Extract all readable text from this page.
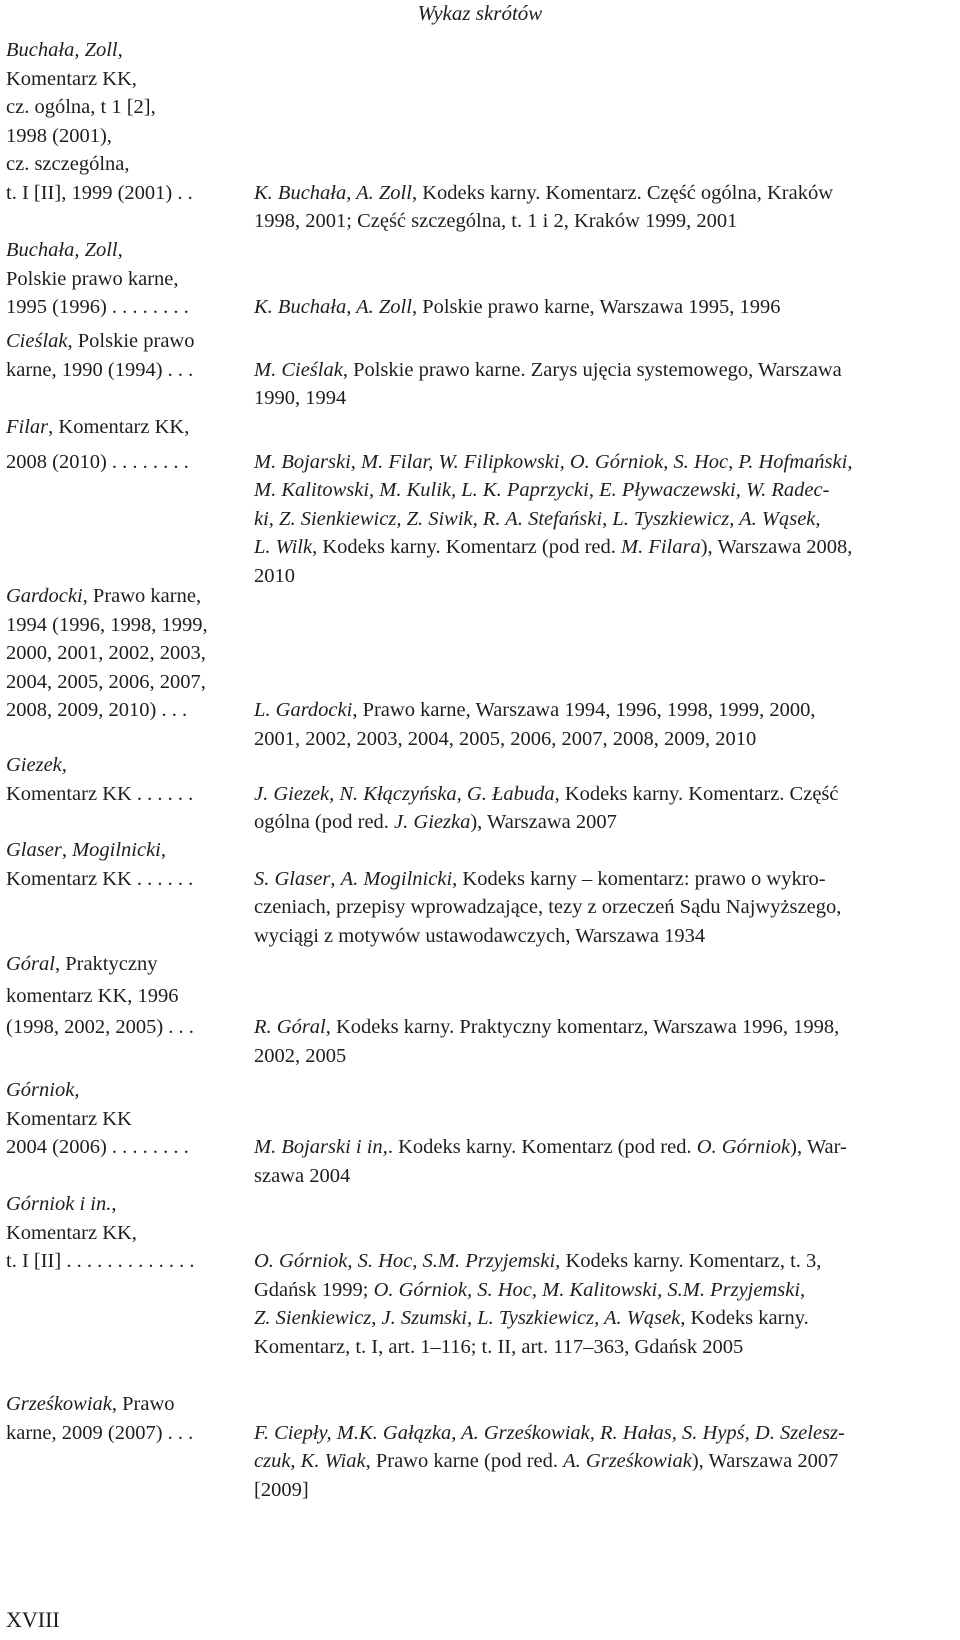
Wykaz skrótów
Buchała, Zoll,
Komentarz KK,
cz. ogólna, t 1 [2],
1998 (2001),
cz. szczególna,
t. I [II], 1999 (2001) . .	K. Buchała, A. Zoll, Kodeks karny. Komentarz. Część ogólna, Kraków
1998, 2001; Część szczególna, t. 1 i 2, Kraków 1999, 2001
Buchała, Zoll,
Polskie prawo karne,
1995 (1996) . . . . . . . .	K. Buchała, A. Zoll, Polskie prawo karne, Warszawa 1995, 1996
Cieślak, Polskie prawo
karne, 1990 (1994) . . .	M. Cieślak, Polskie prawo karne. Zarys ujęcia systemowego, Warszawa
1990, 1994
Filar, Komentarz KK,
2008 (2010) . . . . . . . .	M. Bojarski, M. Filar, W. Filipkowski, O. Górniok, S. Hoc, P. Hofmański,
M. Kalitowski, M. Kulik, L. K. Paprzycki, E. Pływaczewski, W. Radec-
ki, Z. Sienkiewicz, Z. Siwik, R. A. Stefański, L. Tyszkiewicz, A. Wąsek,
L. Wilk, Kodeks karny. Komentarz (pod red. M. Filara), Warszawa 2008,
2010
Gardocki, Prawo karne,
1994 (1996, 1998, 1999,
2000, 2001, 2002, 2003,
2004, 2005, 2006, 2007,
2008, 2009, 2010) . . .	L. Gardocki, Prawo karne, Warszawa 1994, 1996, 1998, 1999, 2000,
2001, 2002, 2003, 2004, 2005, 2006, 2007, 2008, 2009, 2010
Giezek,
Komentarz KK . . . . . .	J. Giezek, N. Kłączyńska, G. Łabuda, Kodeks karny. Komentarz. Część
ogólna (pod red. J. Giezka), Warszawa 2007
Glaser, Mogilnicki,
Komentarz KK . . . . . .	S. Glaser, A. Mogilnicki, Kodeks karny – komentarz: prawo o wykro-
czeniach, przepisy wprowadzające, tezy z orzeczeń Sądu Najwyższego,
wyciągi z motywów ustawodawczych, Warszawa 1934
Góral, Praktyczny
komentarz KK, 1996
(1998, 2002, 2005) . . .	R. Góral, Kodeks karny. Praktyczny komentarz, Warszawa 1996, 1998,
2002, 2005
Górniok,
Komentarz KK
2004 (2006) . . . . . . . .	M. Bojarski i in,. Kodeks karny. Komentarz (pod red. O. Górniok), War-
szawa 2004
Górniok i in.,
Komentarz KK,
t. I [II] . . . . . . . . . . . . .	O. Górniok, S. Hoc, S.M. Przyjemski, Kodeks karny. Komentarz, t. 3,
Gdańsk 1999; O. Górniok, S. Hoc, M. Kalitowski, S.M. Przyjemski,
Z. Sienkiewicz, J. Szumski, L. Tyszkiewicz, A. Wąsek, Kodeks karny.
Komentarz, t. I, art. 1–116; t. II, art. 117–363, Gdańsk 2005
Grześkowiak, Prawo
karne, 2009 (2007) . . .	F. Ciepły, M.K. Gałązka, A. Grześkowiak, R. Hałas, S. Hypś, D. Szelesz-
czuk, K. Wiak, Prawo karne (pod red. A. Grześkowiak), Warszawa 2007
[2009]
XVIII
